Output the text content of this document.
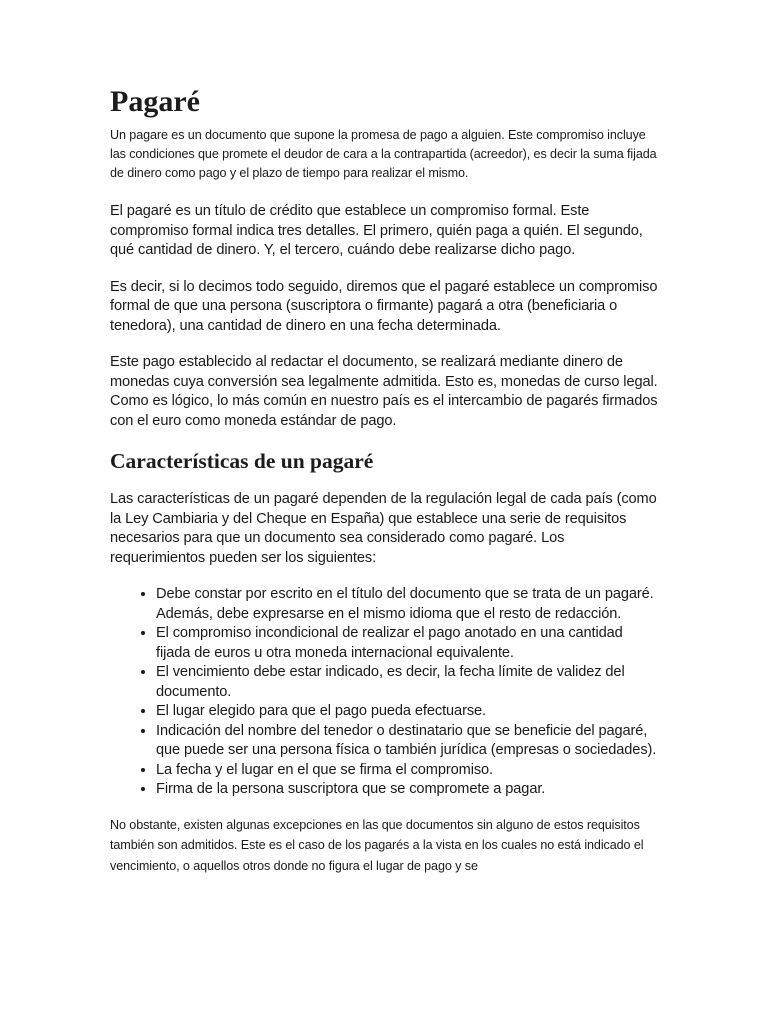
Pagaré

Un pagare es un documento que supone la promesa de pago a alguien. Este compromiso incluye las condiciones que promete el deudor de cara a la contrapartida (acreedor), es decir la suma fijada de dinero como pago y el plazo de tiempo para realizar el mismo.

El pagaré es un título de crédito que establece un compromiso formal. Este compromiso formal indica tres detalles. El primero, quién paga a quién. El segundo, qué cantidad de dinero. Y, el tercero, cuándo debe realizarse dicho pago.

Es decir, si lo decimos todo seguido, diremos que el pagaré establece un compromiso formal de que una persona (suscriptora o firmante) pagará a otra (beneficiaria o tenedora), una cantidad de dinero en una fecha determinada.

Este pago establecido al redactar el documento, se realizará mediante dinero de monedas cuya conversión sea legalmente admitida. Esto es, monedas de curso legal. Como es lógico, lo más común en nuestro país es el intercambio de pagarés firmados con el euro como moneda estándar de pago.

Características de un pagaré

Las características de un pagaré dependen de la regulación legal de cada país (como la Ley Cambiaria y del Cheque en España) que establece una serie de requisitos necesarios para que un documento sea considerado como pagaré. Los requerimientos pueden ser los siguientes:

• Debe constar por escrito en el título del documento que se trata de un pagaré. Además, debe expresarse en el mismo idioma que el resto de redacción.
• El compromiso incondicional de realizar el pago anotado en una cantidad fijada de euros u otra moneda internacional equivalente.
• El vencimiento debe estar indicado, es decir, la fecha límite de validez del documento.
• El lugar elegido para que el pago pueda efectuarse.
• Indicación del nombre del tenedor o destinatario que se beneficie del pagaré, que puede ser una persona física o también jurídica (empresas o sociedades).
• La fecha y el lugar en el que se firma el compromiso.
• Firma de la persona suscriptora que se compromete a pagar.

No obstante, existen algunas excepciones en las que documentos sin alguno de estos requisitos también son admitidos. Este es el caso de los pagarés a la vista en los cuales no está indicado el vencimiento, o aquellos otros donde no figura el lugar de pago y se
